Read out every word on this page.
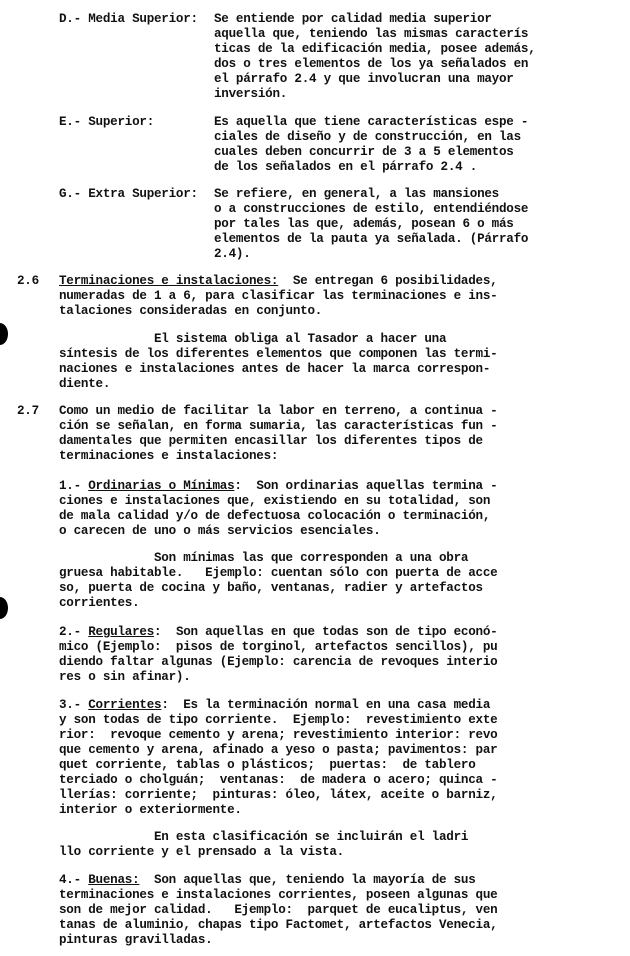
D.- Media Superior: Se entiende por calidad media superior
aquella que, teniendo las mismas caracterís
ticas de la edificación media, posee además,
dos o tres elementos de los ya señalados en
el párrafo 2.4 y que involucran una mayor
inversión.
E.- Superior:	Es aquella que tiene características espe -
ciales de diseño y de construcción, en las
cuales deben concurrir de 3 a 5 elementos
de los señalados en el párrafo 2.4 .
G.- Extra Superior: Se refiere, en general, a las mansiones
o a construcciones de estilo, entendiéndose
por tales las que, además, posean 6 o más
elementos de la pauta ya señalada. (Párrafo
2.4).
2.6 Terminaciones e instalaciones:  Se entregan 6 posibilidades,
numeradas de 1 a 6, para clasificar las terminaciones e ins-
talaciones consideradas en conjunto.
El sistema obliga al Tasador a hacer una
síntesis de los diferentes elementos que componen las termi-
naciones e instalaciones antes de hacer la marca correspon-
diente.
2.7 Como un medio de facilitar la labor en terreno, a continua -
ción se señalan, en forma sumaria, las características fun -
damentales que permiten encasillar los diferentes tipos de
terminaciones e instalaciones:
1.- Ordinarias o Mínimas:  Son ordinarias aquellas termina -
ciones e instalaciones que, existiendo en su totalidad, son
de mala calidad y/o de defectuosa colocación o terminación,
o carecen de uno o más servicios esenciales.
Son mínimas las que corresponden a una obra
gruesa habitable.   Ejemplo: cuentan sólo con puerta de acce
so, puerta de cocina y baño, ventanas, radier y artefactos
corrientes.
2.- Regulares:  Son aquellas en que todas son de tipo econó-
mico (Ejemplo:  pisos de torginol, artefactos sencillos), pu
diendo faltar algunas (Ejemplo: carencia de revoques interio
res o sin afinar).
3.- Corrientes:  Es la terminación normal en una casa media
y son todas de tipo corriente.  Ejemplo:  revestimiento exte
rior:  revoque cemento y arena; revestimiento interior: revo
que cemento y arena, afinado a yeso o pasta; pavimentos: par
quet corriente, tablas o plásticos;  puertas:  de tablero
terciado o cholguán;  ventanas:  de madera o acero; quinca -
llerías: corriente;  pinturas: óleo, látex, aceite o barniz,
interior o exteriormente.
En esta clasificación se incluirán el ladri
llo corriente y el prensado a la vista.
4.- Buenas:  Son aquellas que, teniendo la mayoría de sus
terminaciones e instalaciones corrientes, poseen algunas que
son de mejor calidad.   Ejemplo:  parquet de eucaliptus, ven
tanas de aluminio, chapas tipo Factomet, artefactos Venecia,
pinturas gravilladas.
